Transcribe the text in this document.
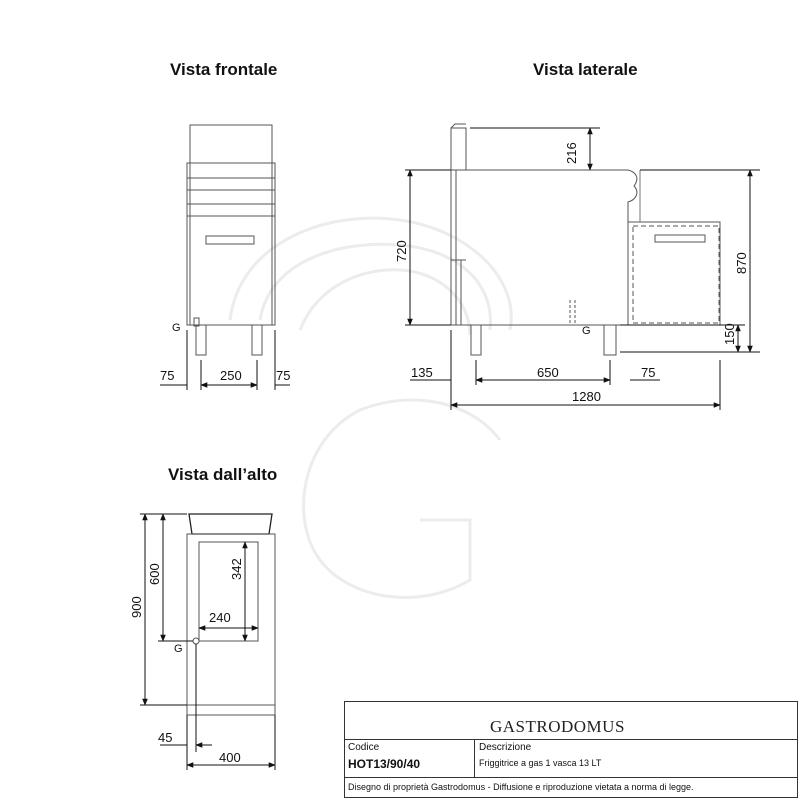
G
75	250	75
G
216
720
870
150
135	650	75
1280
G
900
600	342
240
45
400
Vista frontale	Vista laterale
Vista dall’alto
GASTRODOMUS
Codice
HOT13/90/40
Descrizione
Friggitrice a gas 1 vasca 13 LT
Disegno di proprietà Gastrodomus - Diffusione e riproduzione vietata a norma di legge.
